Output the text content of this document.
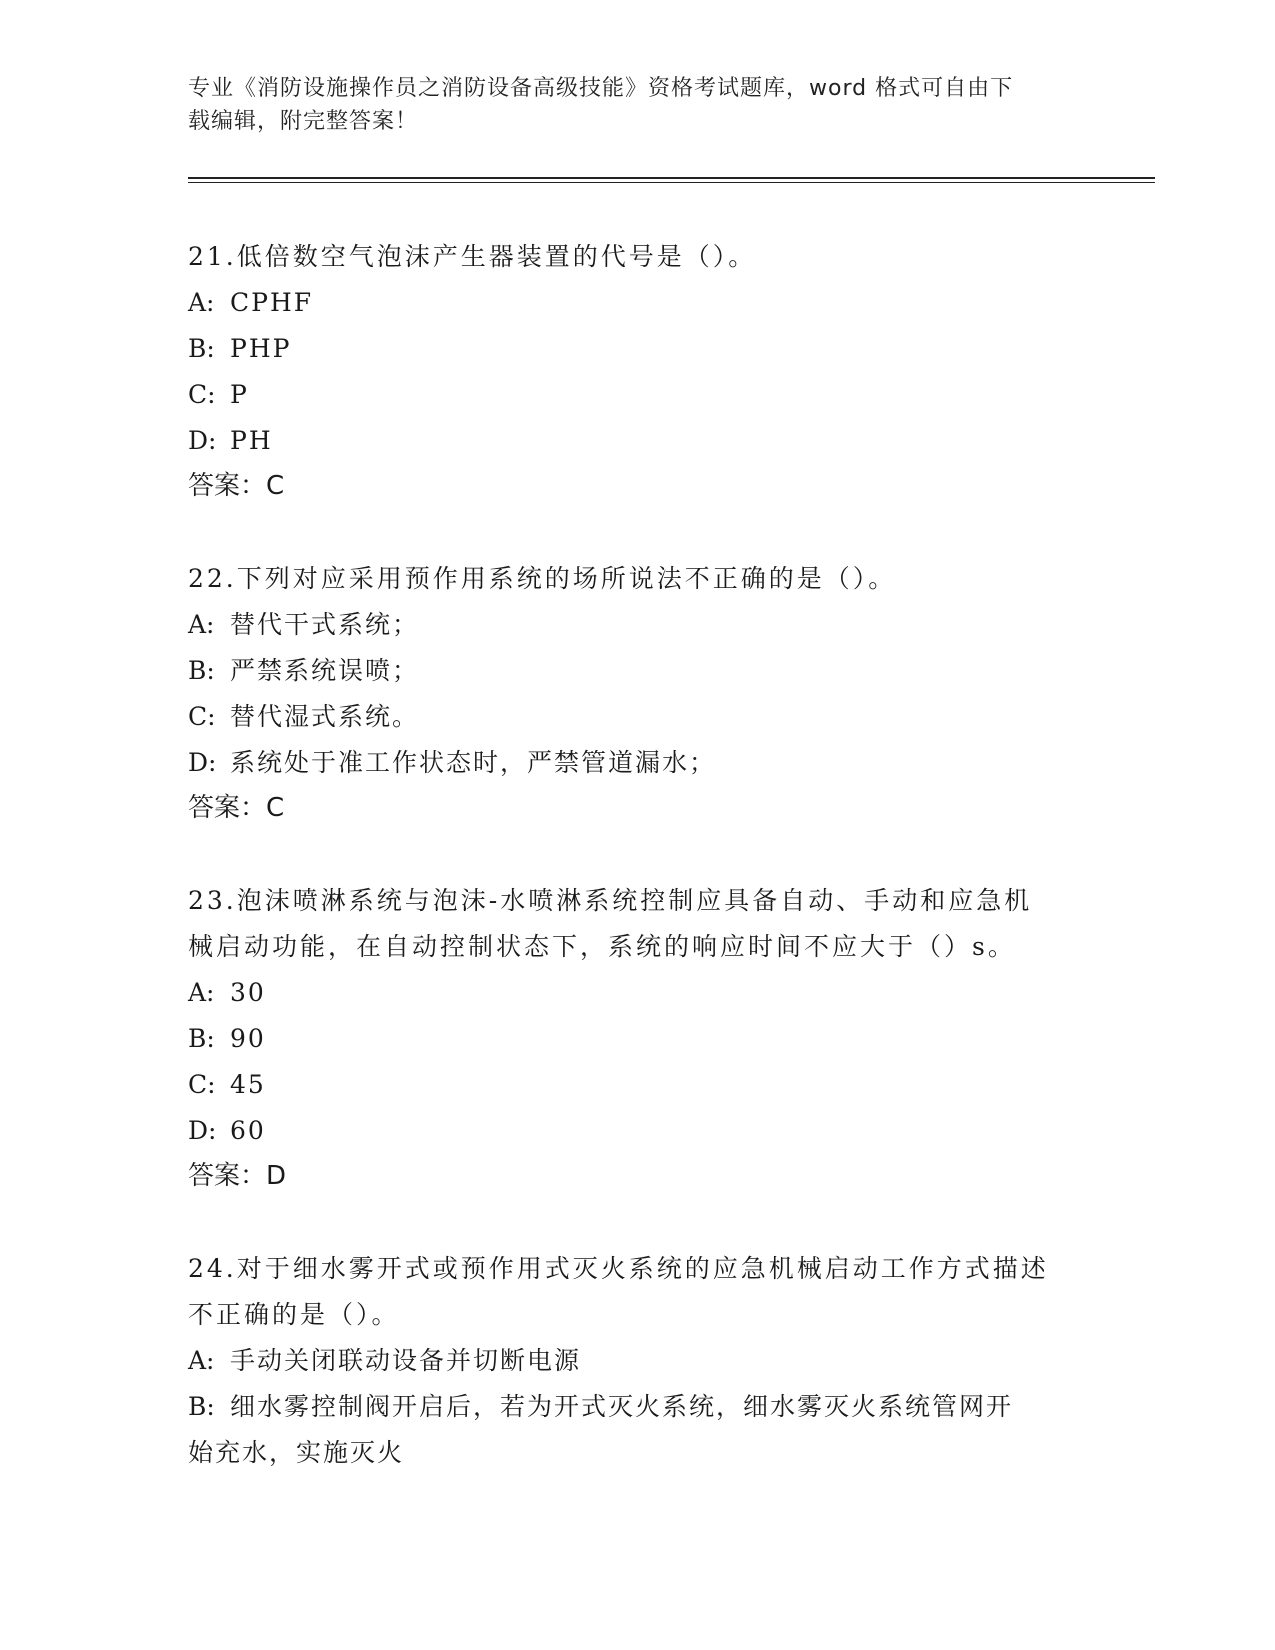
专业《消防设施操作员之消防设备高级技能》资格考试题库，word 格式可自由下
载编辑，附完整答案！

21.低倍数空气泡沫产生器装置的代号是（）。

A: CPHF

B: PHP

C: P

D: PH

答案：C

22.下列对应采用预作用系统的场所说法不正确的是（）。

A: 替代干式系统；

B: 严禁系统误喷；

C: 替代湿式系统。

D: 系统处于准工作状态时，严禁管道漏水；

答案：C

23.泡沫喷淋系统与泡沫-水喷淋系统控制应具备自动、手动和应急机

械启动功能，在自动控制状态下，系统的响应时间不应大于（）s。

A: 30

B: 90

C: 45

D: 60

答案：D

24.对于细水雾开式或预作用式灭火系统的应急机械启动工作方式描述

不正确的是（）。

A: 手动关闭联动设备并切断电源

B: 细水雾控制阀开启后，若为开式灭火系统，细水雾灭火系统管网开

始充水，实施灭火
